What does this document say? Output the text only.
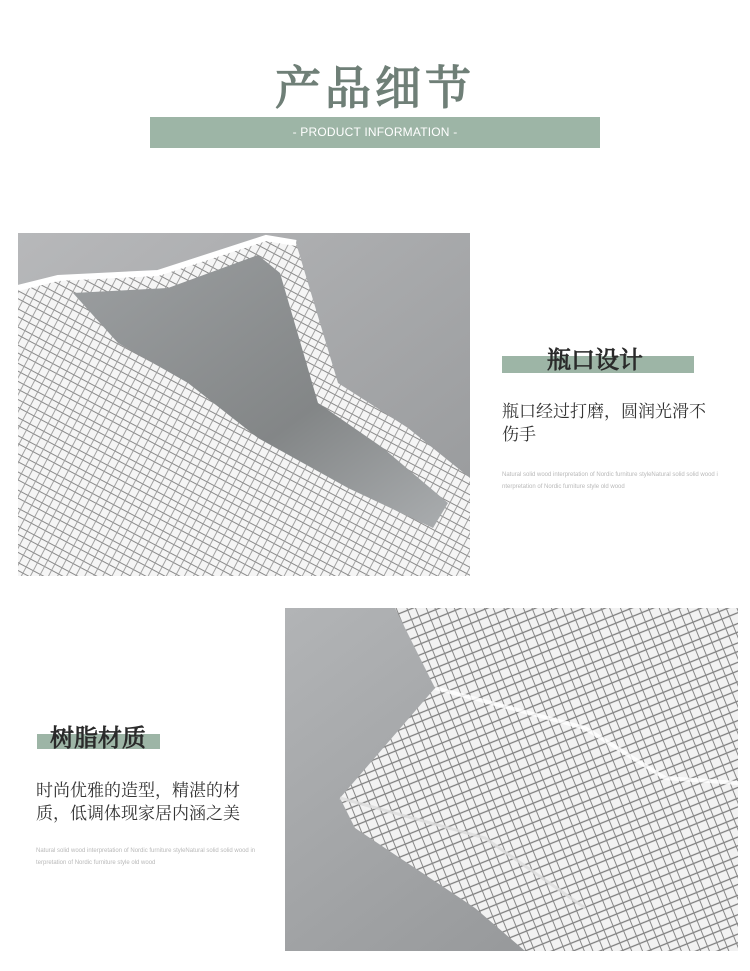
产品细节
- PRODUCT INFORMATION -
瓶口设计

瓶口经过打磨，圆润光滑不伤手

Natural solid wood interpretation of Nordic furniture styleNatural solid solid wood interpretation of Nordic furniture style old wood

树脂材质

时尚优雅的造型，精湛的材质，低调体现家居内涵之美

Natural solid wood interpretation of Nordic furniture styleNatural solid solid wood interpretation of Nordic furniture style old wood
